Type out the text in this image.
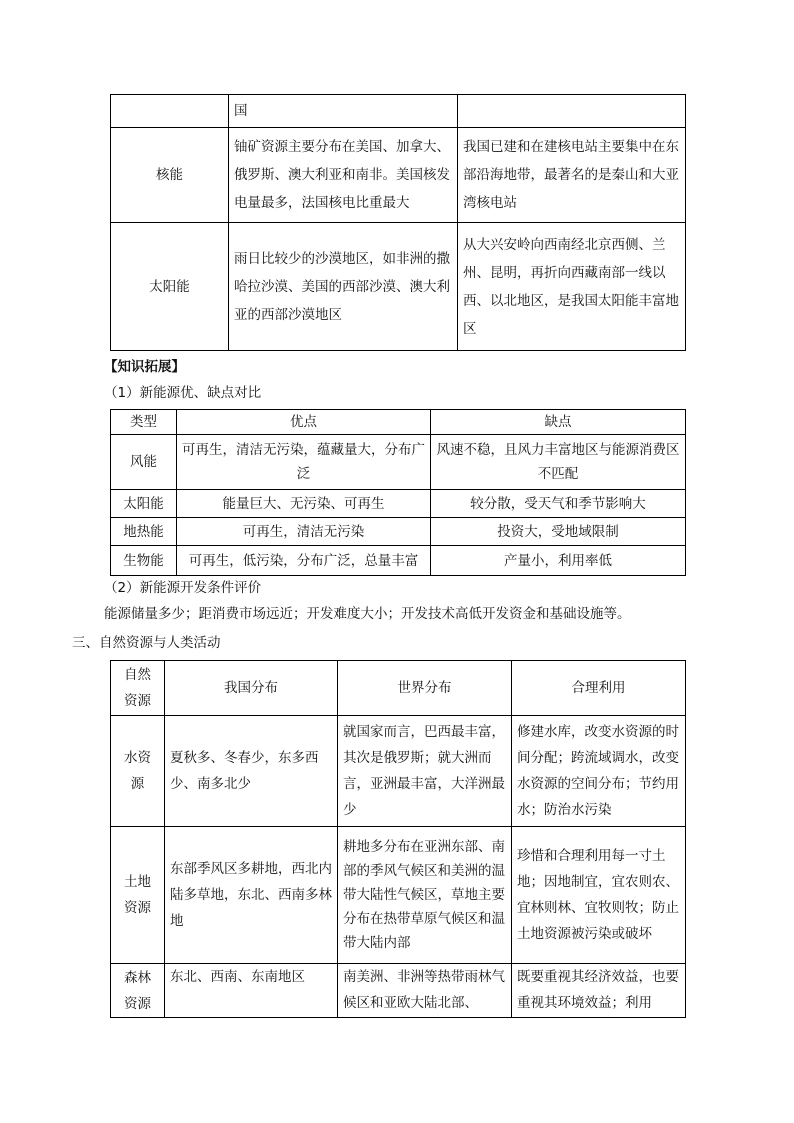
	国	
核能	铀矿资源主要分布在美国、加拿大、俄罗斯、澳大利亚和南非。美国核发电量最多，法国核电比重最大	我国已建和在建核电站主要集中在东部沿海地带，最著名的是秦山和大亚湾核电站
太阳能	雨日比较少的沙漠地区，如非洲的撒哈拉沙漠、美国的西部沙漠、澳大利亚的西部沙漠地区	从大兴安岭向西南经北京西侧、兰州、昆明，再折向西藏南部一线以西、以北地区，是我国太阳能丰富地区
【知识拓展】
（1）新能源优、缺点对比
类型	优点	缺点
风能	可再生，清洁无污染，蕴藏量大，分布广泛	风速不稳，且风力丰富地区与能源消费区不匹配
太阳能	能量巨大、无污染、可再生	较分散，受天气和季节影响大
地热能	可再生，清洁无污染	投资大，受地域限制
生物能	可再生，低污染，分布广泛，总量丰富	产量小，利用率低
（2）新能源开发条件评价
能源储量多少；距消费市场远近；开发难度大小；开发技术高低开发资金和基础设施等。
三、自然资源与人类活动
自然资源	我国分布	世界分布	合理利用
水资源	夏秋多、冬春少，东多西少、南多北少	就国家而言，巴西最丰富，其次是俄罗斯；就大洲而言，亚洲最丰富，大洋洲最少	修建水库，改变水资源的时间分配；跨流域调水，改变水资源的空间分布；节约用水；防治水污染
土地资源	东部季风区多耕地，西北内陆多草地，东北、西南多林地	耕地多分布在亚洲东部、南部的季风气候区和美洲的温带大陆性气候区，草地主要分布在热带草原气候区和温带大陆内部	珍惜和合理利用每一寸土地；因地制宜，宜农则农、宜林则林、宜牧则牧；防止土地资源被污染或破坏
森林资源	东北、西南、东南地区	南美洲、非洲等热带雨林气候区和亚欧大陆北部、	既要重视其经济效益，也要重视其环境效益；利用
